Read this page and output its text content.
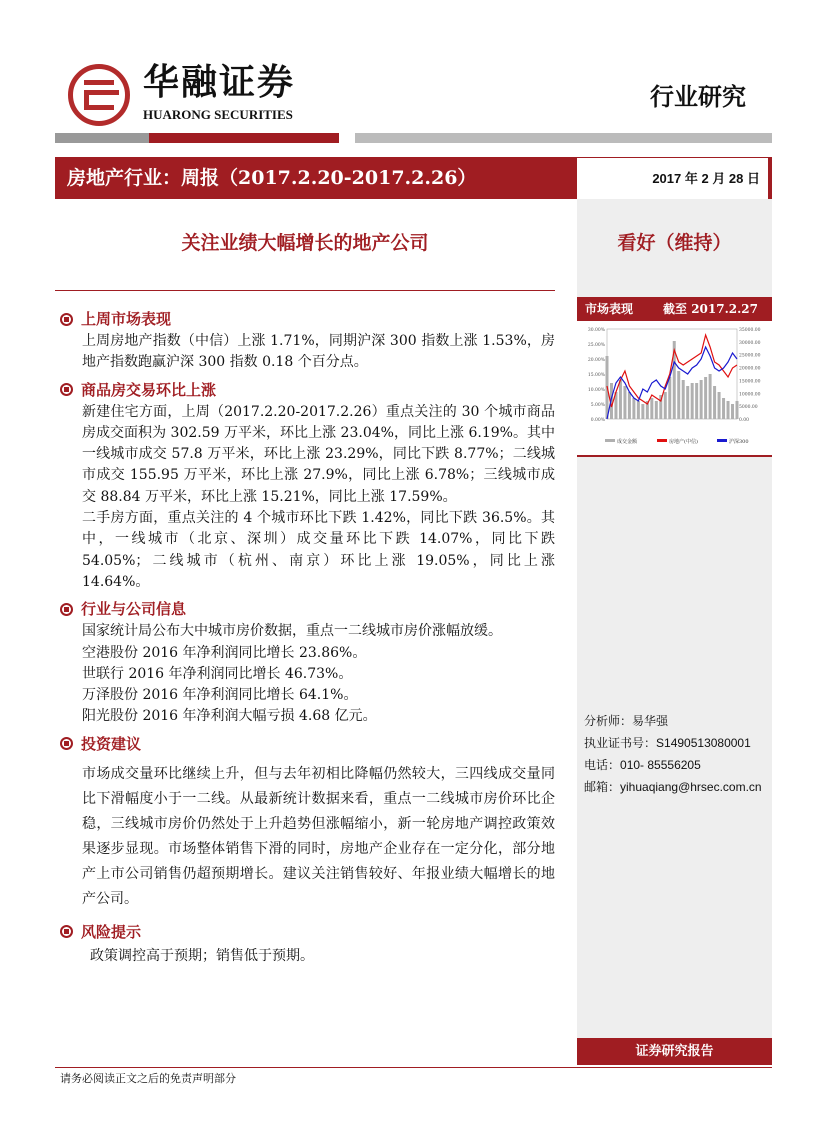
华融证券
HUARONG SECURITIES
行业研究
房地产行业：周报（2017.2.20-2017.2.26）	2017 年 2 月 28 日
关注业绩大幅增长的地产公司	看好（维持）
上周市场表现
上周房地产指数（中信）上涨 1.71%，同期沪深 300 指数上涨 1.53%，房地产指数跑赢沪深 300 指数 0.18 个百分点。
商品房交易环比上涨
新建住宅方面，上周（2017.2.20-2017.2.26）重点关注的 30 个城市商品房成交面积为 302.59 万平米，环比上涨 23.04%，同比上涨 6.19%。其中一线城市成交 57.8 万平米，环比上涨 23.29%，同比下跌 8.77%；二线城市成交 155.95 万平米，环比上涨 27.9%，同比上涨 6.78%；三线城市成交 88.84 万平米，环比上涨 15.21%，同比上涨 17.59%。
二手房方面，重点关注的 4 个城市环比下跌 1.42%，同比下跌 36.5%。其中，一线城市（北京、深圳）成交量环比下跌 14.07%，同比下跌 54.05%；二线城市（杭州、南京）环比上涨 19.05%，同比上涨 14.64%。
行业与公司信息
国家统计局公布大中城市房价数据，重点一二线城市房价涨幅放缓。
空港股份 2016 年净利润同比增长 23.86%。
世联行 2016 年净利润同比增长 46.73%。
万泽股份 2016 年净利润同比增长 64.1%。
阳光股份 2016 年净利润大幅亏损 4.68 亿元。
投资建议
市场成交量环比继续上升，但与去年初相比降幅仍然较大，三四线成交量同比下滑幅度小于一二线。从最新统计数据来看，重点一二线城市房价环比企稳，三线城市房价仍然处于上升趋势但涨幅缩小，新一轮房地产调控政策效果逐步显现。市场整体销售下滑的同时，房地产企业存在一定分化，部分地产上市公司销售仍超预期增长。建议关注销售较好、年报业绩大幅增长的地产公司。
风险提示
政策调控高于预期；销售低于预期。
市场表现	截至 2017.2.27
30.00%
25.00%
20.00%
15.00%
10.00%
5.00%
0.00%
35000.00
30000.00
25000.00
20000.00
15000.00
10000.00
5000.00
0.00
成交金额	房地产(中信)	沪深300
分析师：易华强
执业证书号：S1490513080001
电话：010- 85556205
邮箱：yihuaqiang@hrsec.com.cn
证券研究报告
请务必阅读正文之后的免责声明部分
